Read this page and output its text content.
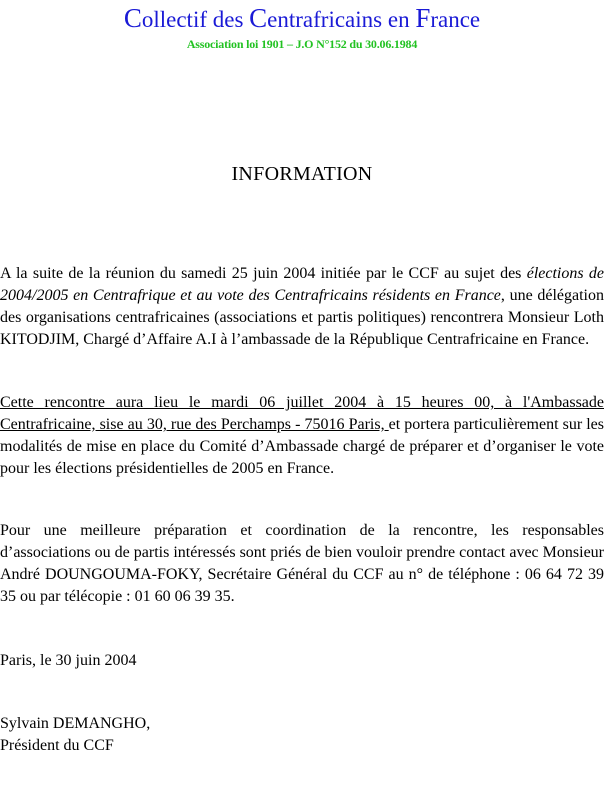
Collectif des Centrafricains en France
Association loi 1901 – J.O N°152 du 30.06.1984
INFORMATION
A la suite de la réunion du samedi 25 juin 2004 initiée par le CCF au sujet des élections de 2004/2005 en Centrafrique et au vote des Centrafricains résidents en France, une délégation des organisations centrafricaines (associations et partis politiques) rencontrera Monsieur Loth KITODJIM, Chargé d’Affaire A.I à l’ambassade de la République Centrafricaine en France.
Cette rencontre aura lieu le mardi 06 juillet 2004 à 15 heures 00, à l'Ambassade Centrafricaine, sise au 30, rue des Perchamps - 75016 Paris, et portera particulièrement sur les modalités de mise en place du Comité d’Ambassade chargé de préparer et d’organiser le vote pour les élections présidentielles de 2005 en France.
Pour une meilleure préparation et coordination de la rencontre, les responsables d’associations ou de partis intéressés sont priés de bien vouloir prendre contact avec Monsieur André DOUNGOUMA-FOKY, Secrétaire Général du CCF au n° de téléphone : 06 64 72 39 35 ou par télécopie : 01 60 06 39 35.
Paris, le 30 juin 2004
Sylvain DEMANGHO,
Président du CCF
